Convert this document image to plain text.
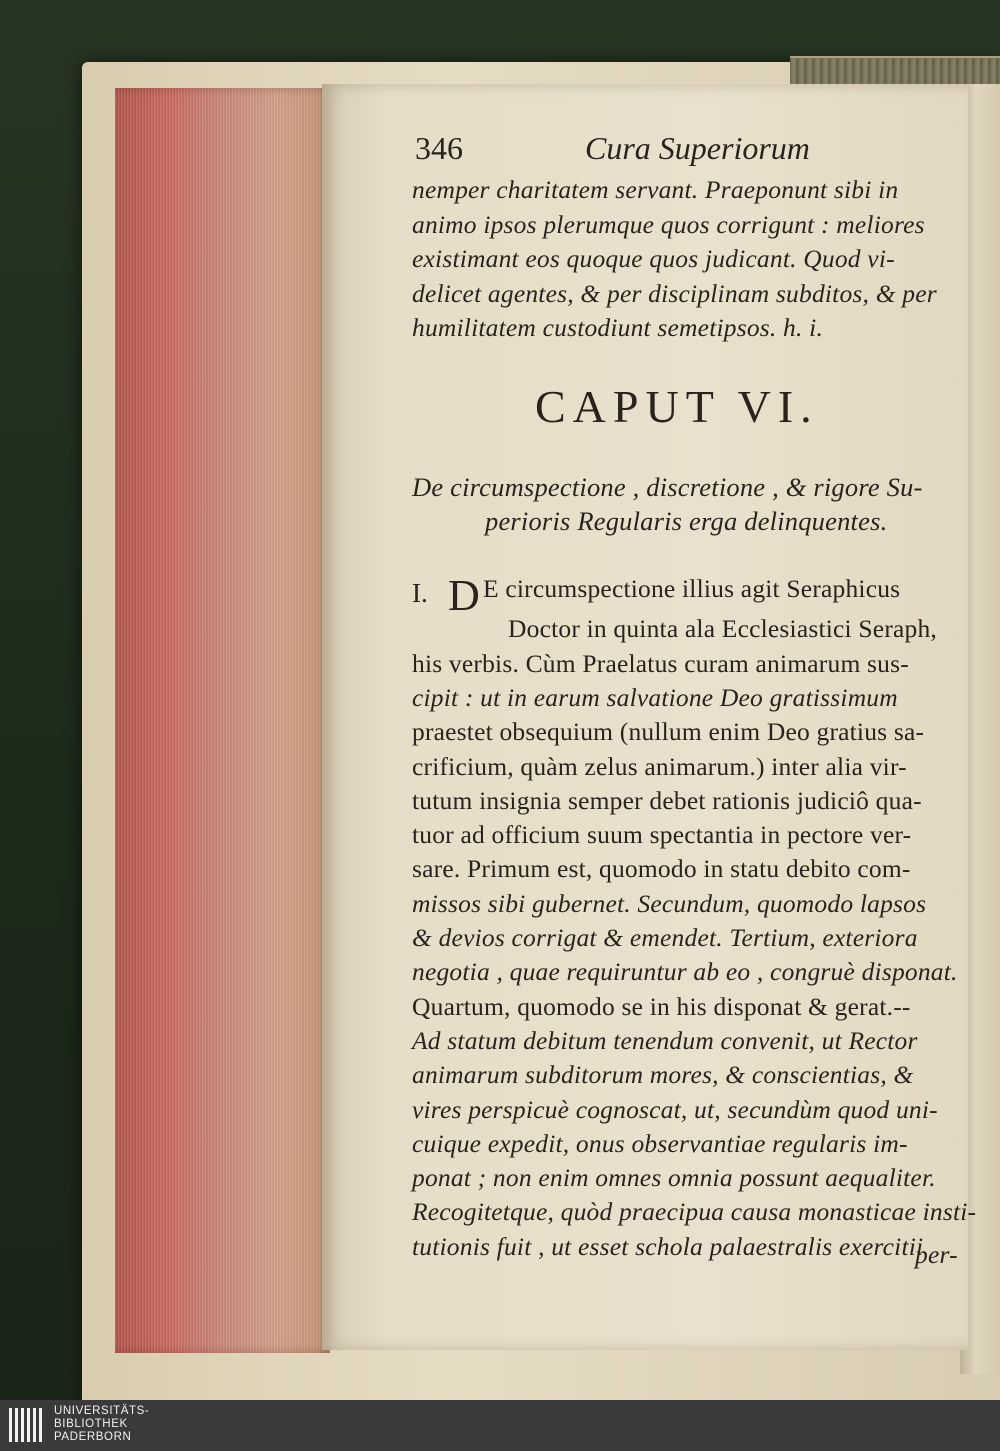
346	Cura Superiorum
nemper charitatem servant. Praeponunt sibi in
animo ipsos plerumque quos corrigunt : meliores
existimant eos quoque quos judicant. Quod vi-
delicet agentes, & per disciplinam subditos, & per
humilitatem custodiunt semetipsos. h. i.
CAPUT VI.
De circumspectione , discretione , & rigore Su-
perioris Regularis erga delinquentes.
I. D E circumspectione illius agit Seraphicus
Doctor in quinta ala Ecclesiastici Seraph,
his verbis. Cùm Praelatus curam animarum sus-
cipit : ut in earum salvatione Deo gratissimum
praestet obsequium (nullum enim Deo gratius sa-
crificium, quàm zelus animarum.) inter alia vir-
tutum insignia semper debet rationis judiciô qua-
tuor ad officium suum spectantia in pectore ver-
sare. Primum est, quomodo in statu debito com-
missos sibi gubernet. Secundum, quomodo lapsos
& devios corrigat & emendet. Tertium, exteriora
negotia , quae requiruntur ab eo , congruè disponat.
Quartum, quomodo se in his disponat & gerat.--
Ad statum debitum tenendum convenit, ut Rector
animarum subditorum mores, & conscientias, &
vires perspicuè cognoscat, ut, secundùm quod uni-
cuique expedit, onus observantiae regularis im-
ponat ; non enim omnes omnia possunt aequaliter.
Recogitetque, quòd praecipua causa monasticae insti-
tutionis fuit , ut esset schola palaestralis exercitii
per-
UNIVERSITÄTS-
BIBLIOTHEK
PADERBORN
